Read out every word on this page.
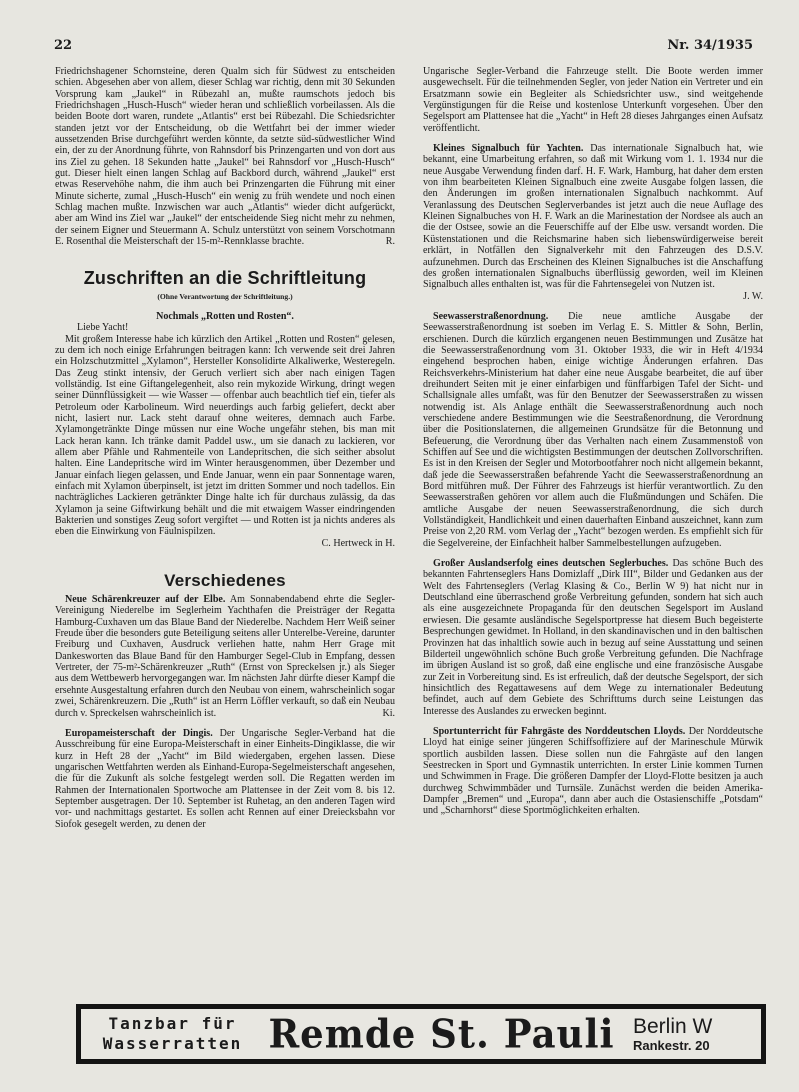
22	Nr. 34/1935

Friedrichshagener Schornsteine, deren Qualm sich für Südwest zu entscheiden schien. Abgesehen aber von allem, dieser Schlag war richtig, denn mit 30 Sekunden Vorsprung kam „Jaukel“ in Rübezahl an, mußte raumschots jedoch bis Friedrichshagen „Husch-Husch“ wieder heran und schließlich vorbeilassen. Als die beiden Boote dort waren, rundete „Atlantis“ erst bei Rübezahl. Die Schiedsrichter standen jetzt vor der Entscheidung, ob die Wettfahrt bei der immer wieder aussetzenden Brise durchgeführt werden könnte, da setzte süd-südwestlicher Wind ein, der zu der Anordnung führte, von Rahnsdorf bis Prinzengarten und von dort aus ins Ziel zu gehen. 18 Sekunden hatte „Jaukel“ bei Rahnsdorf vor „Husch-Husch“ gut. Dieser hielt einen langen Schlag auf Backbord durch, während „Jaukel“ erst etwas Reservehöhe nahm, die ihm auch bei Prinzengarten die Führung mit einer Minute sicherte, zumal „Husch-Husch“ ein wenig zu früh wendete und noch einen Schlag machen mußte. Inzwischen war auch „Atlantis“ wieder dicht aufgerückt, aber am Wind ins Ziel war „Jaukel“ der entscheidende Sieg nicht mehr zu nehmen, der seinem Eigner und Steuermann A. Schulz unterstützt von seinem Vorschotmann E. Rosenthal die Meisterschaft der 15-m²-Rennklasse brachte.	R.

Zuschriften an die Schriftleitung
(Ohne Verantwortung der Schriftleitung.)
Nochmals „Rotten und Rosten“.

Liebe Yacht!

Mit großem Interesse habe ich kürzlich den Artikel „Rotten und Rosten“ gelesen, zu dem ich noch einige Erfahrungen beitragen kann: Ich verwende seit drei Jahren ein Holzschutzmittel „Xylamon“, Hersteller Konsolidirte Alkaliwerke, Westeregeln. Das Zeug stinkt intensiv, der Geruch verliert sich aber nach einigen Tagen vollständig. Ist eine Giftangelegenheit, also rein mykozide Wirkung, dringt wegen seiner Dünnflüssigkeit — wie Wasser — offenbar auch beachtlich tief ein, tiefer als Petroleum oder Karbolineum. Wird neuerdings auch farbig geliefert, deckt aber nicht, lasiert nur. Lack steht darauf ohne weiteres, demnach auch Farbe. Xylamongetränkte Dinge müssen nur eine Woche ungefähr stehen, bis man mit Lack heran kann. Ich tränke damit Paddel usw., um sie danach zu lackieren, vor allem aber Pfähle und Rahmenteile von Landepritschen, die sich seither absolut halten. Eine Landepritsche wird im Winter herausgenommen, über Dezember und Januar einfach liegen gelassen, und Ende Januar, wenn ein paar Sonnentage waren, einfach mit Xylamon überpinselt, ist jetzt im dritten Sommer und noch tadellos. Ein nachträgliches Lackieren getränkter Dinge halte ich für durchaus zulässig, da das Xylamon ja seine Giftwirkung behält und die mit etwaigem Wasser eindringenden Bakterien und sonstiges Zeug sofort vergiftet — und Rotten ist ja nichts anderes als eben die Einwirkung von Fäulnispilzen.

C. Hertweck in H.

Verschiedenes

Neue Schärenkreuzer auf der Elbe. Am Sonnabendabend ehrte die Segler-Vereinigung Niederelbe im Seglerheim Yachthafen die Preisträger der Regatta Hamburg-Cuxhaven um das Blaue Band der Niederelbe. Nachdem Herr Weiß seiner Freude über die besonders gute Beteiligung seitens aller Unterelbe-Vereine, darunter Freiburg und Cuxhaven, Ausdruck verliehen hatte, nahm Herr Grage mit Dankesworten das Blaue Band für den Hamburger Segel-Club in Empfang, dessen Vertreter, der 75-m²-Schärenkreuzer „Ruth“ (Ernst von Spreckelsen jr.) als Sieger aus dem Wettbewerb hervorgegangen war. Im nächsten Jahr dürfte dieser Kampf die ersehnte Ausgestaltung erfahren durch den Neubau von einem, wahrscheinlich sogar zwei, Schärenkreuzern. Die „Ruth“ ist an Herrn Löffler verkauft, so daß ein Neubau durch v. Spreckelsen wahrscheinlich ist.	Ki.

Europameisterschaft der Dingis. Der Ungarische Segler-Verband hat die Ausschreibung für eine Europa-Meisterschaft in einer Einheits-Dingiklasse, die wir kurz in Heft 28 der „Yacht“ im Bild wiedergaben, ergehen lassen. Diese ungarischen Wettfahrten werden als Einhand-Europa-Segelmeisterschaft angesehen, die für die Zukunft als solche festgelegt werden soll. Die Regatten werden im Rahmen der Internationalen Sportwoche am Plattensee in der Zeit vom 8. bis 12. September ausgetragen. Der 10. September ist Ruhetag, an den anderen Tagen wird vor- und nachmittags gestartet. Es sollen acht Rennen auf einer Dreiecksbahn vor Siofok gesegelt werden, zu denen der

Ungarische Segler-Verband die Fahrzeuge stellt. Die Boote werden immer ausgewechselt. Für die teilnehmenden Segler, von jeder Nation ein Vertreter und ein Ersatzmann sowie ein Begleiter als Schiedsrichter usw., sind weitgehende Vergünstigungen für die Reise und kostenlose Unterkunft vorgesehen. Über den Segelsport am Plattensee hat die „Yacht“ in Heft 28 dieses Jahrganges einen Aufsatz veröffentlicht.

Kleines Signalbuch für Yachten. Das internationale Signalbuch hat, wie bekannt, eine Umarbeitung erfahren, so daß mit Wirkung vom 1. 1. 1934 nur die neue Ausgabe Verwendung finden darf. H. F. Wark, Hamburg, hat daher dem ersten von ihm bearbeiteten Kleinen Signalbuch eine zweite Ausgabe folgen lassen, die den Änderungen im großen internationalen Signalbuch nachkommt. Auf Veranlassung des Deutschen Seglerverbandes ist jetzt auch die neue Auflage des Kleinen Signalbuches von H. F. Wark an die Marinestation der Nordsee als auch an die der Ostsee, sowie an die Feuerschiffe auf der Elbe usw. versandt worden. Die Küstenstationen und die Reichsmarine haben sich liebenswürdigerweise bereit erklärt, in Notfällen den Signalverkehr mit den Fahrzeugen des D.S.V. aufzunehmen. Durch das Erscheinen des Kleinen Signalbuches ist die Anschaffung des großen internationalen Signalbuchs überflüssig geworden, weil im Kleinen Signalbuch alles enthalten ist, was für die Fahrtensegelei von Nutzen ist.

J. W.

Seewasserstraßenordnung. Die neue amtliche Ausgabe der Seewasserstraßenordnung ist soeben im Verlag E. S. Mittler & Sohn, Berlin, erschienen. Durch die kürzlich ergangenen neuen Bestimmungen und Zusätze hat die Seewasserstraßenordnung vom 31. Oktober 1933, die wir in Heft 4/1934 eingehend besprochen haben, einige wichtige Änderungen erfahren. Das Reichsverkehrs-Ministerium hat daher eine neue Ausgabe bearbeitet, die auf über dreihundert Seiten mit je einer einfarbigen und fünffarbigen Tafel der Sicht- und Schallsignale alles umfaßt, was für den Benutzer der Seewasserstraßen zu wissen notwendig ist. Als Anlage enthält die Seewasserstraßenordnung auch noch verschiedene andere Bestimmungen wie die Seestraßenordnung, die Verordnung über die Positionslaternen, die allgemeinen Grundsätze für die Betonnung und Befeuerung, die Verordnung über das Verhalten nach einem Zusammenstoß von Schiffen auf See und die wichtigsten Bestimmungen der deutschen Zollvorschriften. Es ist in den Kreisen der Segler und Motorbootfahrer noch nicht allgemein bekannt, daß jede die Seewasserstraßen befahrende Yacht die Seewasserstraßenordnung an Bord mitführen muß. Der Führer des Fahrzeugs ist hierfür verantwortlich. Zu den Seewasserstraßen gehören vor allem auch die Flußmündungen und Schäfen. Die amtliche Ausgabe der neuen Seewasserstraßenordnung, die sich durch Vollständigkeit, Handlichkeit und einen dauerhaften Einband auszeichnet, kann zum Preise von 2,20 RM. vom Verlag der „Yacht“ bezogen werden. Es empfiehlt sich für die Segelvereine, der Einfachheit halber Sammelbestellungen aufzugeben.

Großer Auslandserfolg eines deutschen Seglerbuches. Das schöne Buch des bekannten Fahrtenseglers Hans Domizlaff „Dirk III“, Bilder und Gedanken aus der Welt des Fahrtenseglers (Verlag Klasing & Co., Berlin W 9) hat nicht nur in Deutschland eine überraschend große Verbreitung gefunden, sondern hat sich auch als eine ausgezeichnete Propaganda für den deutschen Segelsport im Ausland erwiesen. Die gesamte ausländische Segelsportpresse hat diesem Buch begeisterte Besprechungen gewidmet. In Holland, in den skandinavischen und in den baltischen Provinzen hat das inhaltlich sowie auch in bezug auf seine Ausstattung und seinen Bilderteil ungewöhnlich schöne Buch große Verbreitung gefunden. Die Nachfrage im übrigen Ausland ist so groß, daß eine englische und eine französische Ausgabe zur Zeit in Vorbereitung sind. Es ist erfreulich, daß der deutsche Segelsport, der sich hinsichtlich des Regattawesens auf dem Wege zu internationaler Bedeutung befindet, auch auf dem Gebiete des Schrifttums durch seine Leistungen das Interesse des Auslandes zu erwecken beginnt.

Sportunterricht für Fahrgäste des Norddeutschen Lloyds. Der Norddeutsche Lloyd hat einige seiner jüngeren Schiffsoffiziere auf der Marineschule Mürwik sportlich ausbilden lassen. Diese sollen nun die Fahrgäste auf den langen Seestrecken in Sport und Gymnastik unterrichten. In erster Linie kommen Turnen und Schwimmen in Frage. Die größeren Dampfer der Lloyd-Flotte besitzen ja auch durchweg Schwimmbäder und Turnsäle. Zunächst werden die beiden Amerika-Dampfer „Bremen“ und „Europa“, dann aber auch die Ostasienschiffe „Potsdam“ und „Scharnhorst“ diese Sportmöglichkeiten erhalten.

Tanzbar für
Wasserratten Remde St. Pauli Berlin W
Rankestr. 20
